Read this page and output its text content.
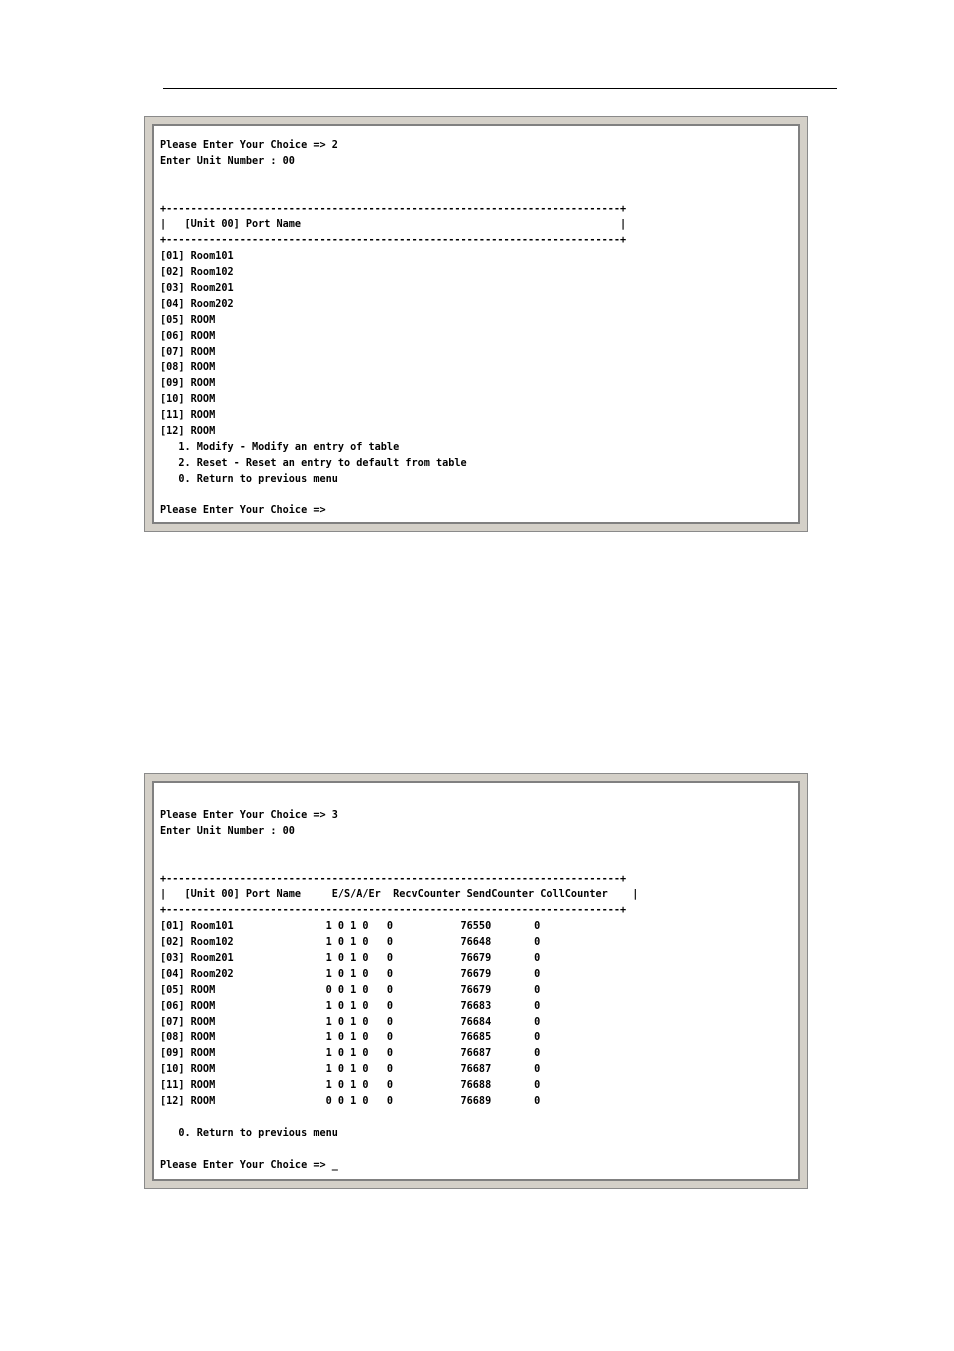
Please Enter Your Choice => 2
Enter Unit Number : 00
+--------------------------------------------------------------------------+
|   [Unit 00] Port Name                                                    |
+--------------------------------------------------------------------------+
[01] Room101
[02] Room102
[03] Room201
[04] Room202
[05] ROOM
[06] ROOM
[07] ROOM
[08] ROOM
[09] ROOM
[10] ROOM
[11] ROOM
[12] ROOM
1. Modify - Modify an entry of table
2. Reset - Reset an entry to default from table
0. Return to previous menu
Please Enter Your Choice =>
Please Enter Your Choice => 3
Enter Unit Number : 00
+--------------------------------------------------------------------------+
|   [Unit 00] Port Name     E/S/A/Er  RecvCounter SendCounter CollCounter    |
+--------------------------------------------------------------------------+
[01] Room101               1 0 1 0   0           76550       0
[02] Room102               1 0 1 0   0           76648       0
[03] Room201               1 0 1 0   0           76679       0
[04] Room202               1 0 1 0   0           76679       0
[05] ROOM                  0 0 1 0   0           76679       0
[06] ROOM                  1 0 1 0   0           76683       0
[07] ROOM                  1 0 1 0   0           76684       0
[08] ROOM                  1 0 1 0   0           76685       0
[09] ROOM                  1 0 1 0   0           76687       0
[10] ROOM                  1 0 1 0   0           76687       0
[11] ROOM                  1 0 1 0   0           76688       0
[12] ROOM                  0 0 1 0   0           76689       0
0. Return to previous menu
Please Enter Your Choice => _
